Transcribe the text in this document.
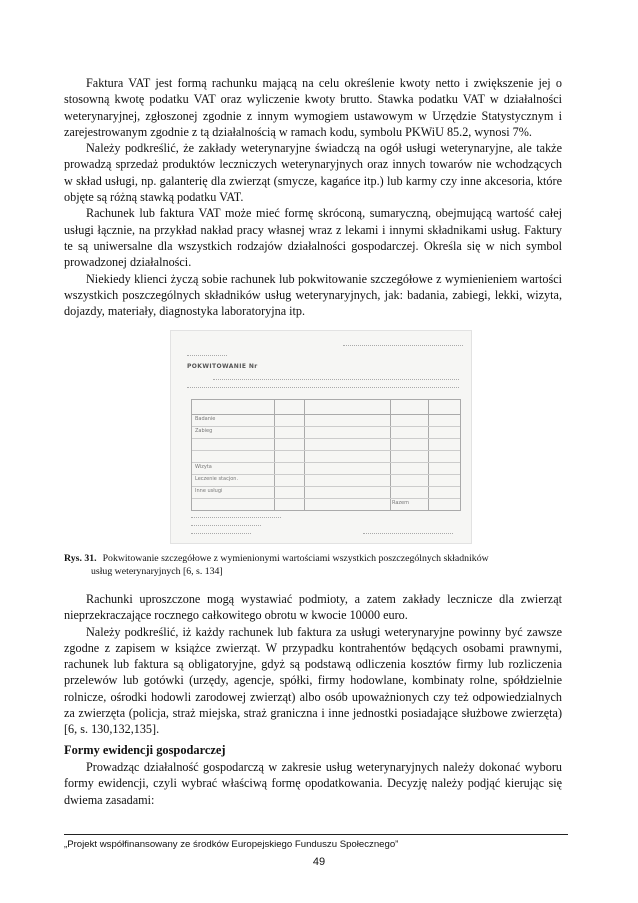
Faktura VAT jest formą rachunku mającą na celu określenie kwoty netto i zwiększenie jej o stosowną kwotę podatku VAT oraz wyliczenie kwoty brutto. Stawka podatku VAT w działalności weterynaryjnej, zgłoszonej zgodnie z innym wymogiem ustawowym w Urzędzie Statystycznym i zarejestrowanym zgodnie z tą działalnością w ramach kodu, symbolu PKWiU 85.2, wynosi 7%.

Należy podkreślić, że zakłady weterynaryjne świadczą na ogół usługi weterynaryjne, ale także prowadzą sprzedaż produktów leczniczych weterynaryjnych oraz innych towarów nie wchodzących w skład usługi, np. galanterię dla zwierząt (smycze, kagańce itp.) lub karmy czy inne akcesoria, które objęte są różną stawką podatku VAT.

Rachunek lub faktura VAT może mieć formę skróconą, sumaryczną, obejmującą wartość całej usługi łącznie, na przykład nakład pracy własnej wraz z lekami i innymi składnikami usług. Faktury te są uniwersalne dla wszystkich rodzajów działalności gospodarczej. Określa się w nich symbol prowadzonej działalności.

Niekiedy klienci życzą sobie rachunek lub pokwitowanie szczegółowe z wymienieniem wartości wszystkich poszczególnych składników usług weterynaryjnych, jak: badania, zabiegi, lekki, wizyta, dojazdy, materiały, diagnostyka laboratoryjna itp.

POKWITOWANIE Nr
Badanie
Zabieg
Wizyta
Leczenie stacjon.
Inne usługi
Razem
Rys. 31. Pokwitowanie szczegółowe z wymienionymi wartościami wszystkich poszczególnych składników
usług weterynaryjnych [6, s. 134]

Rachunki uproszczone mogą wystawiać podmioty, a zatem zakłady lecznicze dla zwierząt nieprzekraczające rocznego całkowitego obrotu w kwocie 10000 euro.

Należy podkreślić, iż każdy rachunek lub faktura za usługi weterynaryjne powinny być zawsze zgodne z zapisem w książce zwierząt. W przypadku kontrahentów będących osobami prawnymi, rachunek lub faktura są obligatoryjne, gdyż są podstawą odliczenia kosztów firmy lub rozliczenia przelewów lub gotówki (urzędy, agencje, spółki, firmy hodowlane, kombinaty rolne, spółdzielnie rolnicze, ośrodki hodowli zarodowej zwierząt) albo osób upoważnionych czy też odpowiedzialnych za zwierzęta (policja, straż miejska, straż graniczna i inne jednostki posiadające służbowe zwierzęta) [6, s. 130,132,135].

Formy ewidencji gospodarczej

Prowadząc działalność gospodarczą w zakresie usług weterynaryjnych należy dokonać wyboru formy ewidencji, czyli wybrać właściwą formę opodatkowania. Decyzję należy podjąć kierując się dwiema zasadami:

„Projekt współfinansowany ze środków Europejskiego Funduszu Społecznego”
49
